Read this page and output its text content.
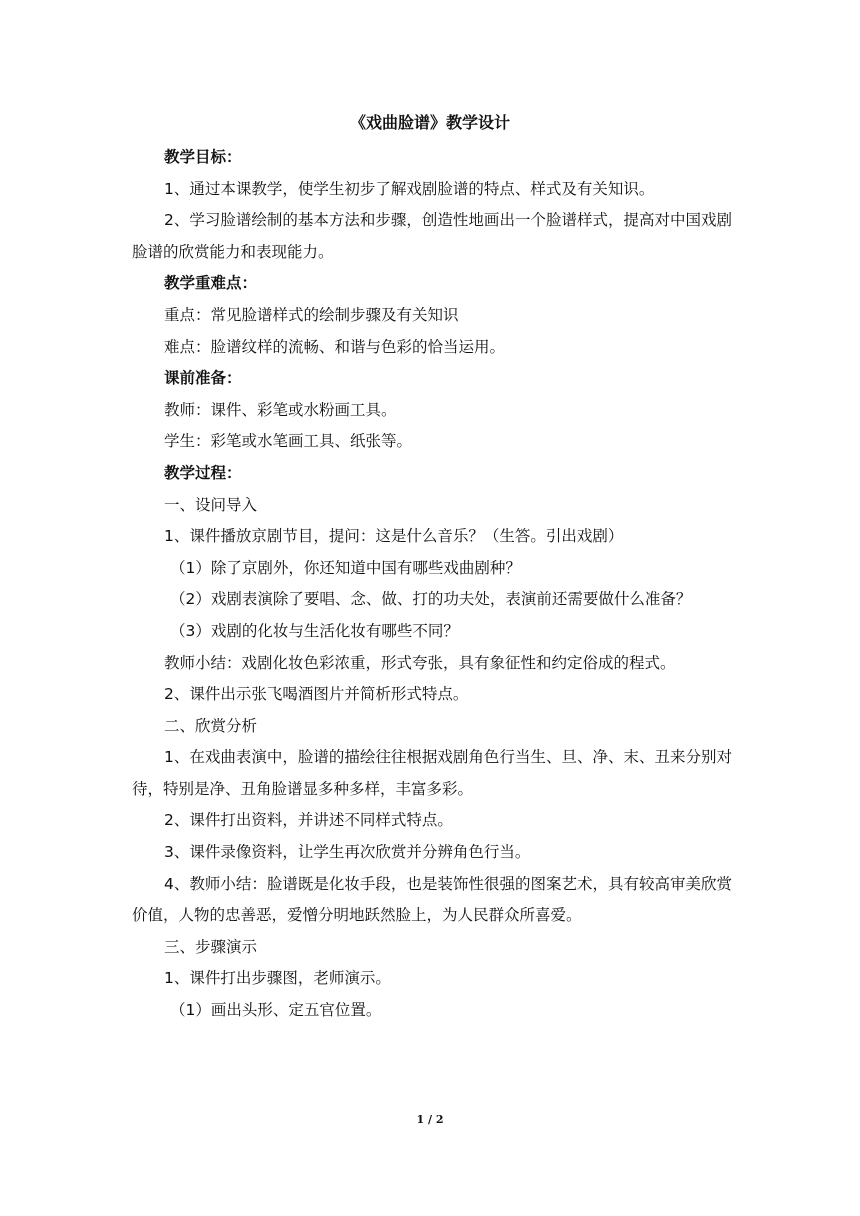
《戏曲脸谱》教学设计
教学目标：
1、通过本课教学，使学生初步了解戏剧脸谱的特点、样式及有关知识。
2、学习脸谱绘制的基本方法和步骤，创造性地画出一个脸谱样式，提高对中国戏剧脸谱的欣赏能力和表现能力。
教学重难点：
重点：常见脸谱样式的绘制步骤及有关知识
难点：脸谱纹样的流畅、和谐与色彩的恰当运用。
课前准备：
教师：课件、彩笔或水粉画工具。
学生：彩笔或水笔画工具、纸张等。
教学过程：
一、设问导入
1、课件播放京剧节目，提问：这是什么音乐？（生答。引出戏剧）
（1）除了京剧外，你还知道中国有哪些戏曲剧种？
（2）戏剧表演除了要唱、念、做、打的功夫处，表演前还需要做什么准备？
（3）戏剧的化妆与生活化妆有哪些不同？
教师小结：戏剧化妆色彩浓重，形式夸张，具有象征性和约定俗成的程式。
2、课件出示张飞喝酒图片并简析形式特点。
二、欣赏分析
1、在戏曲表演中，脸谱的描绘往往根据戏剧角色行当生、旦、净、末、丑来分别对待，特别是净、丑角脸谱显多种多样，丰富多彩。
2、课件打出资料，并讲述不同样式特点。
3、课件录像资料，让学生再次欣赏并分辨角色行当。
4、教师小结：脸谱既是化妆手段，也是装饰性很强的图案艺术，具有较高审美欣赏价值，人物的忠善恶，爱憎分明地跃然脸上，为人民群众所喜爱。
三、步骤演示
1、课件打出步骤图，老师演示。
（1）画出头形、定五官位置。
1 / 2
